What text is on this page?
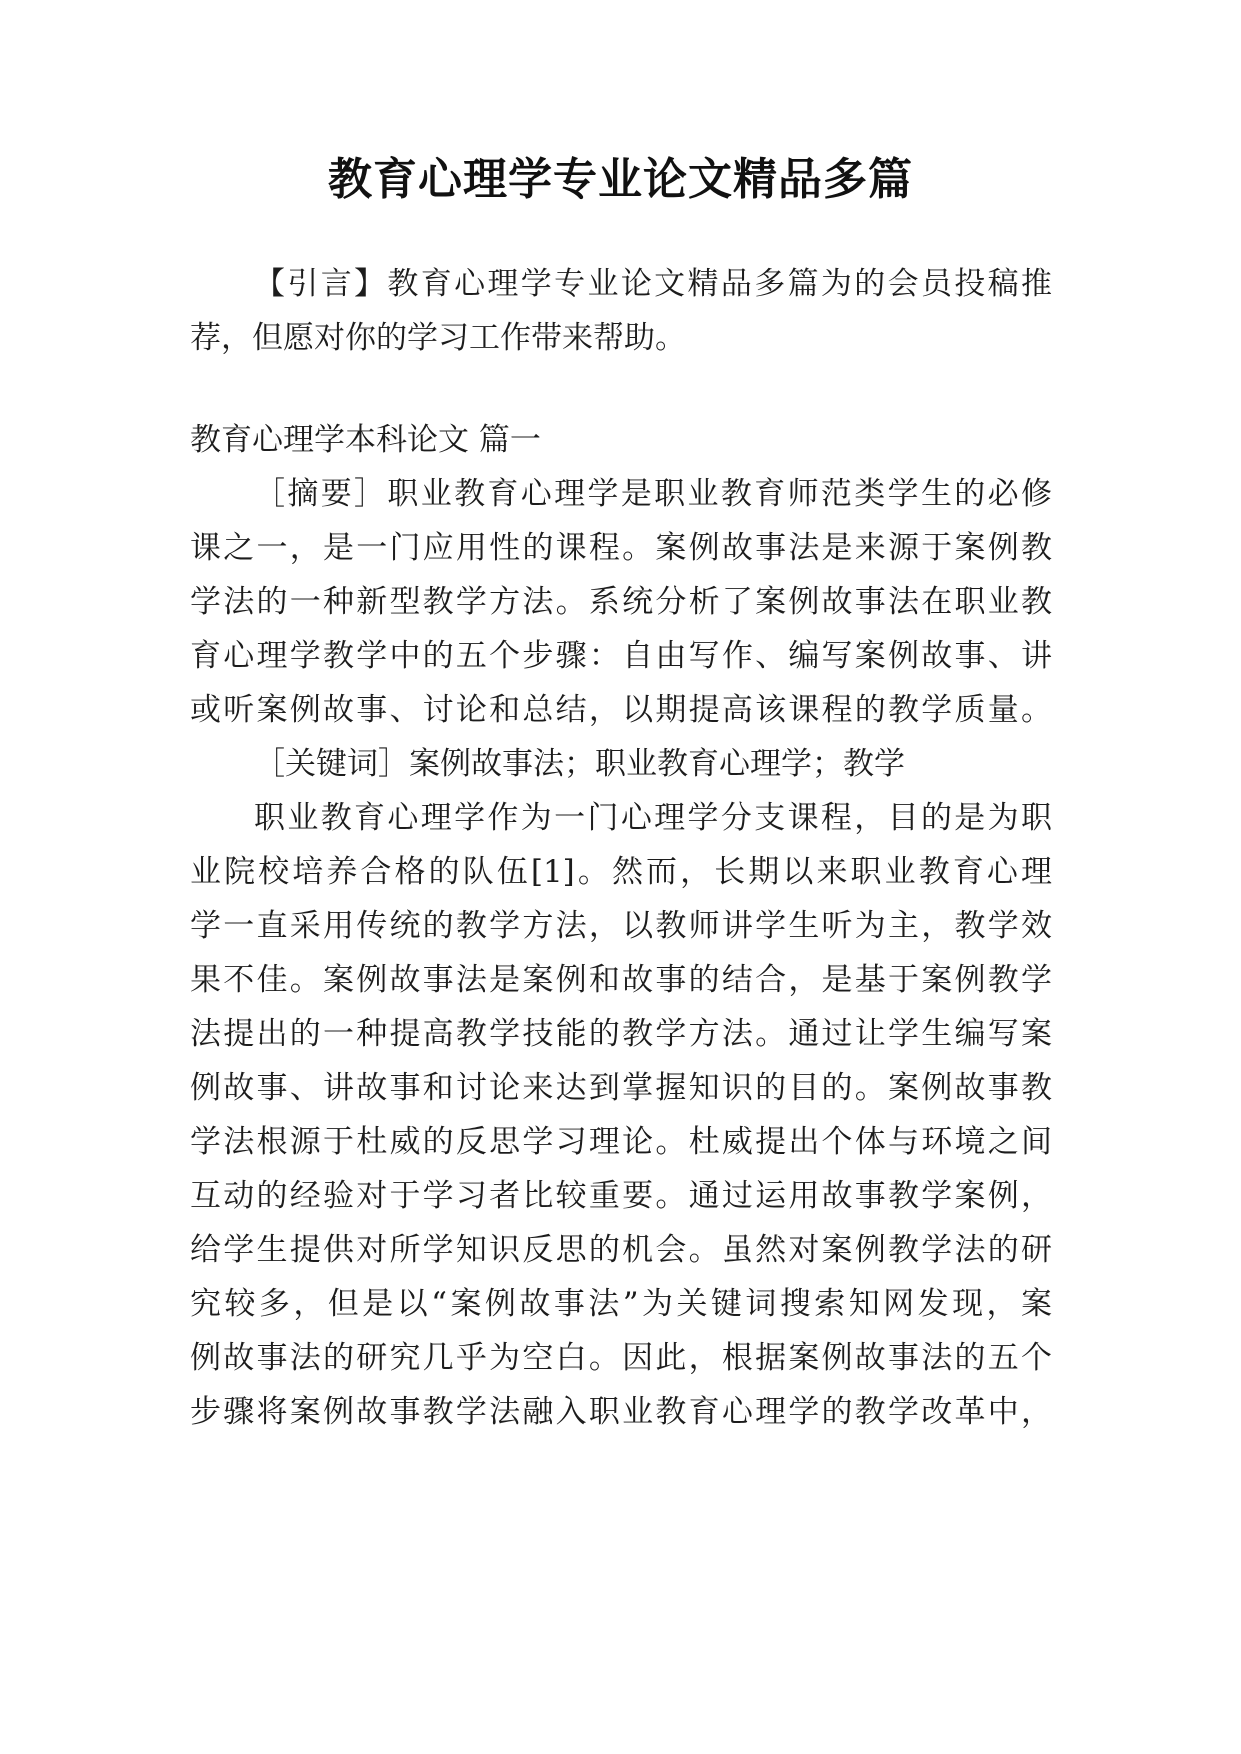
教育心理学专业论文精品多篇
【引言】教育心理学专业论文精品多篇为的会员投稿推
荐，但愿对你的学习工作带来帮助。
教育心理学本科论文 篇一
［摘要］职业教育心理学是职业教育师范类学生的必修
课之一，是一门应用性的课程。案例故事法是来源于案例教
学法的一种新型教学方法。系统分析了案例故事法在职业教
育心理学教学中的五个步骤：自由写作、编写案例故事、讲
或听案例故事、讨论和总结，以期提高该课程的教学质量。
［关键词］案例故事法；职业教育心理学；教学
职业教育心理学作为一门心理学分支课程，目的是为职
业院校培养合格的队伍[1]。然而，长期以来职业教育心理
学一直采用传统的教学方法，以教师讲学生听为主，教学效
果不佳。案例故事法是案例和故事的结合，是基于案例教学
法提出的一种提高教学技能的教学方法。通过让学生编写案
例故事、讲故事和讨论来达到掌握知识的目的。案例故事教
学法根源于杜威的反思学习理论。杜威提出个体与环境之间
互动的经验对于学习者比较重要。通过运用故事教学案例，
给学生提供对所学知识反思的机会。虽然对案例教学法的研
究较多，但是以“案例故事法”为关键词搜索知网发现，案
例故事法的研究几乎为空白。因此，根据案例故事法的五个
步骤将案例故事教学法融入职业教育心理学的教学改革中，
